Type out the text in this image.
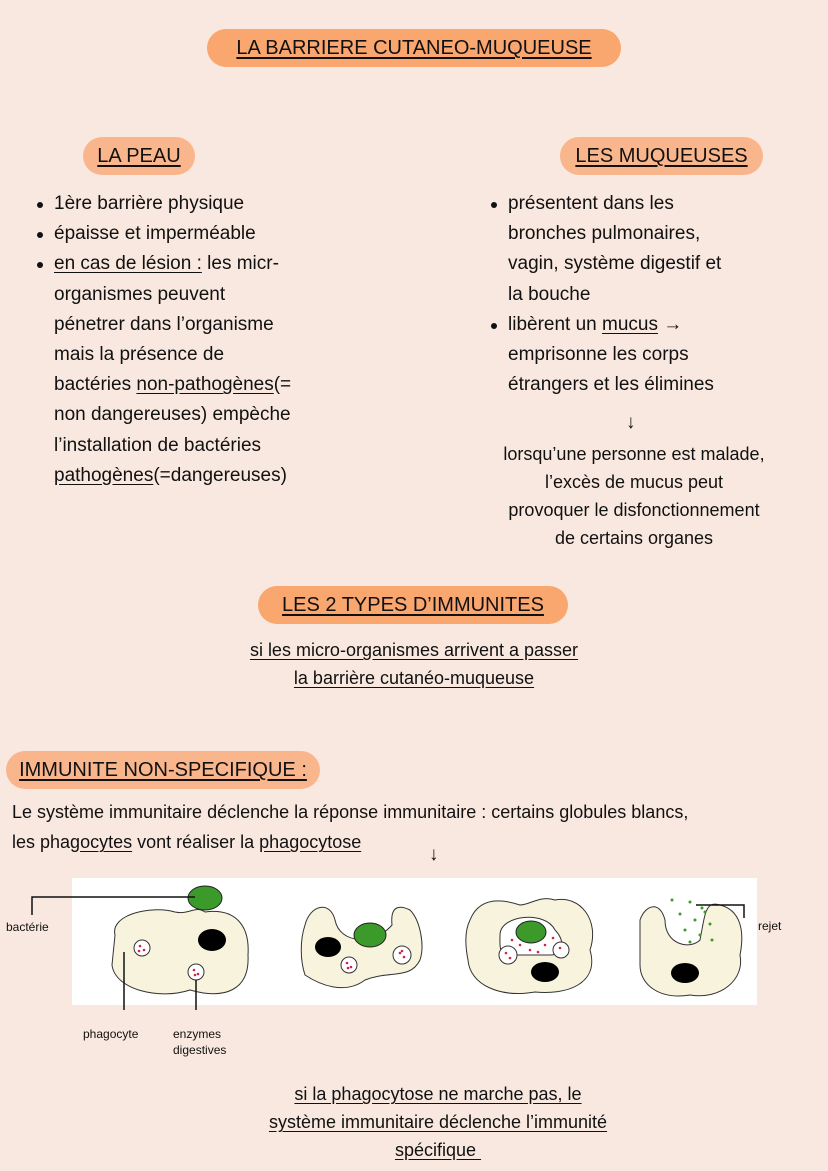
LA BARRIERE CUTANEO-MUQUEUSE
LA PEAU	LES MUQUEUSES
1ère barrière physique
épaisse et imperméable
en cas de lésion : les micr-
organismes peuvent
pénetrer dans l’organisme
mais la présence de
bactéries non-pathogènes(=
non dangereuses) empèche
l’installation de bactéries
pathogènes(=dangereuses)
présentent dans les
bronches pulmonaires,
vagin, système digestif et
la bouche
libèrent un mucus →
emprisonne les corps
étrangers et les élimines
↓
lorsqu’une personne est malade,
l’excès de mucus peut
provoquer le disfonctionnement
de certains organes
LES 2 TYPES D’IMMUNITES
si les micro-organismes arrivent a passer
la barrière cutanéo-muqueuse
IMMUNITE NON-SPECIFIQUE :
Le système immunitaire déclenche la réponse immunitaire : certains globules blancs,
les phagocytes vont réaliser la phagocytose
↓
bactérie	rejet
phagocyte	enzymes
digestives
si la phagocytose ne marche pas, le
système immunitaire déclenche l’immunité
spécifique
